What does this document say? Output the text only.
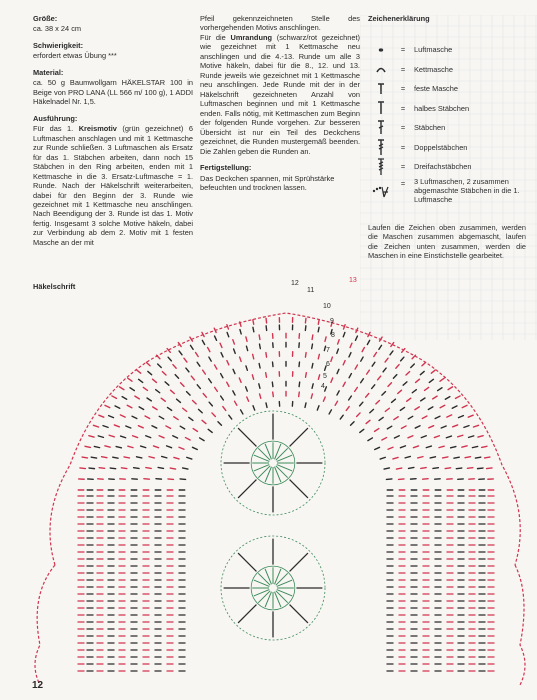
Größe:

ca. 38 x 24 cm

Schwierigkeit:

erfordert etwas Übung ***

Material:

ca. 50 g Baumwollgarn HÄKELSTAR 100 in Beige von PRO LANA (LL 566 m/ 100 g), 1 ADDI Häkelnadel Nr. 1,5.

Ausführung:

Für das 1. Kreismotiv (grün gezeichnet) 6 Luftmaschen anschlagen und mit 1 Kettmasche zur Runde schließen. 3 Luftmaschen als Ersatz für das 1. Stäbchen arbeiten, dann noch 15 Stäbchen in den Ring arbeiten, enden mit 1 Kettmasche in die 3. Ersatz-Luftmasche = 1. Runde. Nach der Häkelschrift weiterarbeiten, dabei für den Beginn der 3. Runde wie gezeichnet mit 1 Kettmasche neu anschlingen. Nach Beendigung der 3. Runde ist das 1. Motiv fertig. Insgesamt 3 solche Motive häkeln, dabei zur Verbindung ab dem 2. Motiv mit 1 festen Masche an der mit

Pfeil gekennzeichneten Stelle des vorhergehenden Motivs anschlingen.

Für die Umrandung (schwarz/rot gezeichnet) wie gezeichnet mit 1 Kettmasche neu anschlingen und die 4.-13. Runde um alle 3 Motive häkeln, dabei für die 8., 12. und 13. Runde jeweils wie gezeichnet mit 1 Kettmasche neu anschlingen. Jede Runde mit der in der Häkelschrift gezeichneten Anzahl von Luftmaschen beginnen und mit 1 Kettmasche enden. Falls nötig, mit Kettmaschen zum Beginn der folgenden Runde vorgehen. Zur besseren Übersicht ist nur ein Teil des Deckchens gezeichnet, die Runden mustergemäß beenden. Die Zahlen geben die Runden an.

Fertigstellung:

Das Deckchen spannen, mit Sprühstärke befeuchten und trocknen lassen.

Zeichenerklärung

=	Luftmasche
=	Kettmasche
=	feste Masche
=	halbes Stäbchen
=	Stäbchen
=	Doppelstäbchen
=	Dreifachstäbchen
=	3 Luftmaschen, 2 zusammen abgemaschte Stäbchen in die 1. Luftmasche

Laufen die Zeichen oben zusammen, werden die Maschen zusammen abgemascht, laufen die Zeichen unten zusammen, werden die Maschen in eine Einstichstelle gearbeitet.

Häkelschrift

13
12
11
10
9
8
7
6
5
4

12
